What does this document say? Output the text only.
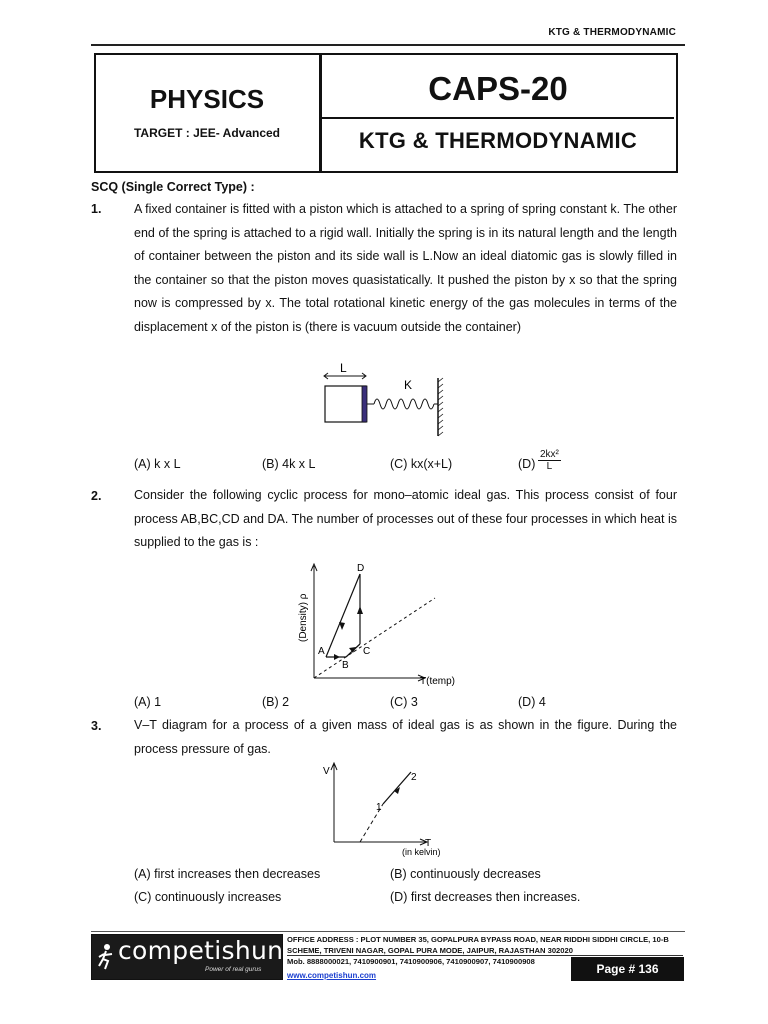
KTG & THERMODYNAMIC
PHYSICS
TARGET : JEE- Advanced
CAPS-20
KTG & THERMODYNAMIC
SCQ (Single Correct Type) :
1.	A fixed container is fitted with a piston which is attached to a spring of spring constant k. The other end of the spring is attached to a rigid wall. Initially the spring is in its natural length and the length of container between the piston and its side wall is L.Now an ideal diatomic gas is slowly filled in the container so that the piston moves quasistatically. It pushed the piston by x so that the spring now is compressed by x. The total rotational kinetic energy of the gas molecules in terms of the displacement x of the piston is (there is vacuum outside the container)
L
K
(A) k x L	(B) 4k x L	(C) kx(x+L)	$(D) \frac{\text{2kx²}}{L}$
2.	Consider the following cyclic process for mono–atomic ideal gas. This process consist of four process AB,BC,CD and DA. The number of processes out of these four processes in which heat is supplied to the gas is :
(Density) ρ
T(temp)
A
B
C
D
(A) 1	(B) 2	(C) 3	(D) 4
3.	V–T diagram for a process of a given mass of ideal gas is as shown in the figure. During the process pressure of gas.
V
T
(in kelvin)
1
2
(A) first increases then decreases	(B) continuously decreases
(C) continuously increases	(D) first decreases then increases.
competishun
Power of real gurus
OFFICE ADDRESS : PLOT NUMBER 35, GOPALPURA BYPASS ROAD, NEAR RIDDHI SIDDHI CIRCLE, 10-B SCHEME, TRIVENI NAGAR, GOPAL PURA MODE, JAIPUR, RAJASTHAN 302020
Mob. 8888000021, 7410900901, 7410900906, 7410900907, 7410900908
www.competishun.com	Page # 136
